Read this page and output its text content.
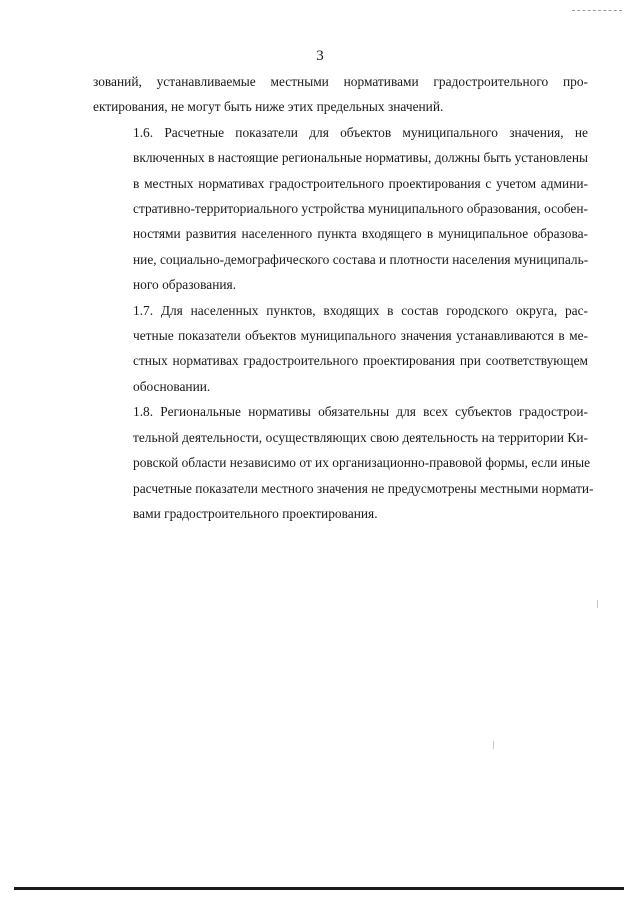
3

зований, устанавливаемые местными нормативами градостроительного про-
ектирования, не могут быть ниже этих предельных значений.

1.6. Расчетные показатели для объектов муниципального значения, не
включенных в настоящие региональные нормативы, должны быть установлены
в местных нормативах градостроительного проектирования с учетом админи-
стративно-территориального устройства муниципального образования, особен-
ностями развития населенного пункта входящего в муниципальное образова-
ние, социально-демографического состава и плотности населения муниципаль-
ного образования.

1.7. Для населенных пунктов, входящих в состав городского округа, рас-
четные показатели объектов муниципального значения устанавливаются в ме-
стных нормативах градостроительного проектирования при соответствующем
обосновании.

1.8. Региональные нормативы обязательны для всех субъектов градострои-
тельной деятельности, осуществляющих свою деятельность на территории Ки-
ровской области независимо от их организационно-правовой формы, если иные
расчетные показатели местного значения не предусмотрены местными нормати-
вами градостроительного проектирования.
